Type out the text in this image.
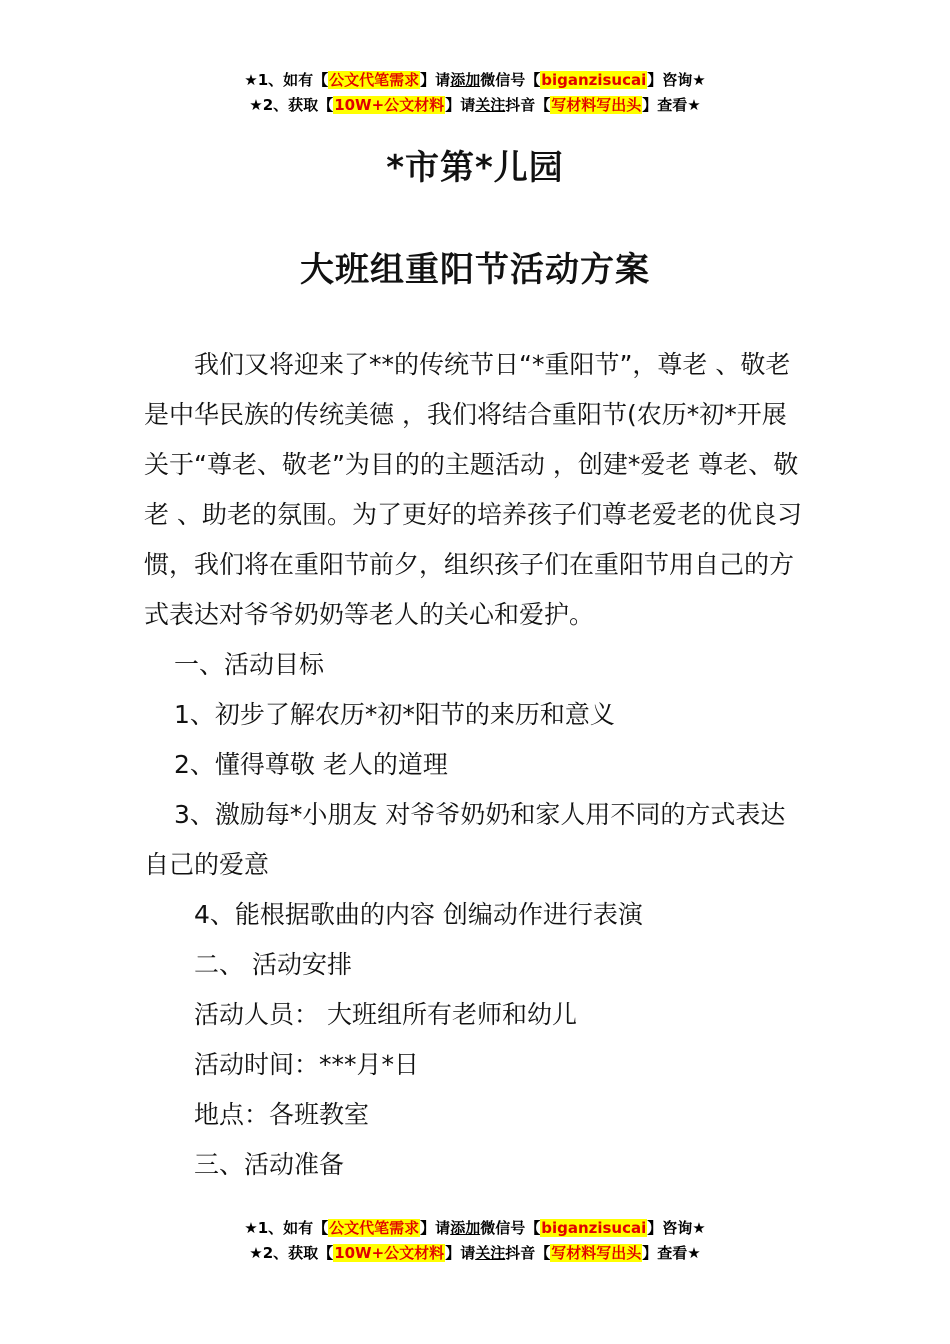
★1、如有【公文代笔需求】请添加微信号【biganzisucai】咨询★
★2、获取【10W+公文材料】请关注抖音【写材料写出头】查看★
*市第*儿园
大班组重阳节活动方案

我们又将迎来了**的传统节日“*重阳节”，尊老 、敬老是中华民族的传统美德 ，我们将结合重阳节(农历*初*开展关于“尊老、敬老”为目的的主题活动 ，创建*爱老 尊老、敬老 、助老的氛围。为了更好的培养孩子们尊老爱老的优良习惯，我们将在重阳节前夕，组织孩子们在重阳节用自己的方式表达对爷爷奶奶等老人的关心和爱护。

一、活动目标

1、初步了解农历*初*阳节的来历和意义

2、懂得尊敬 老人的道理

3、激励每*小朋友 对爷爷奶奶和家人用不同的方式表达自己的爱意

4、能根据歌曲的内容 创编动作进行表演

二、 活动安排

活动人员： 大班组所有老师和幼儿

活动时间：***月*日

地点：各班教室

三、活动准备

★1、如有【公文代笔需求】请添加微信号【biganzisucai】咨询★
★2、获取【10W+公文材料】请关注抖音【写材料写出头】查看★
